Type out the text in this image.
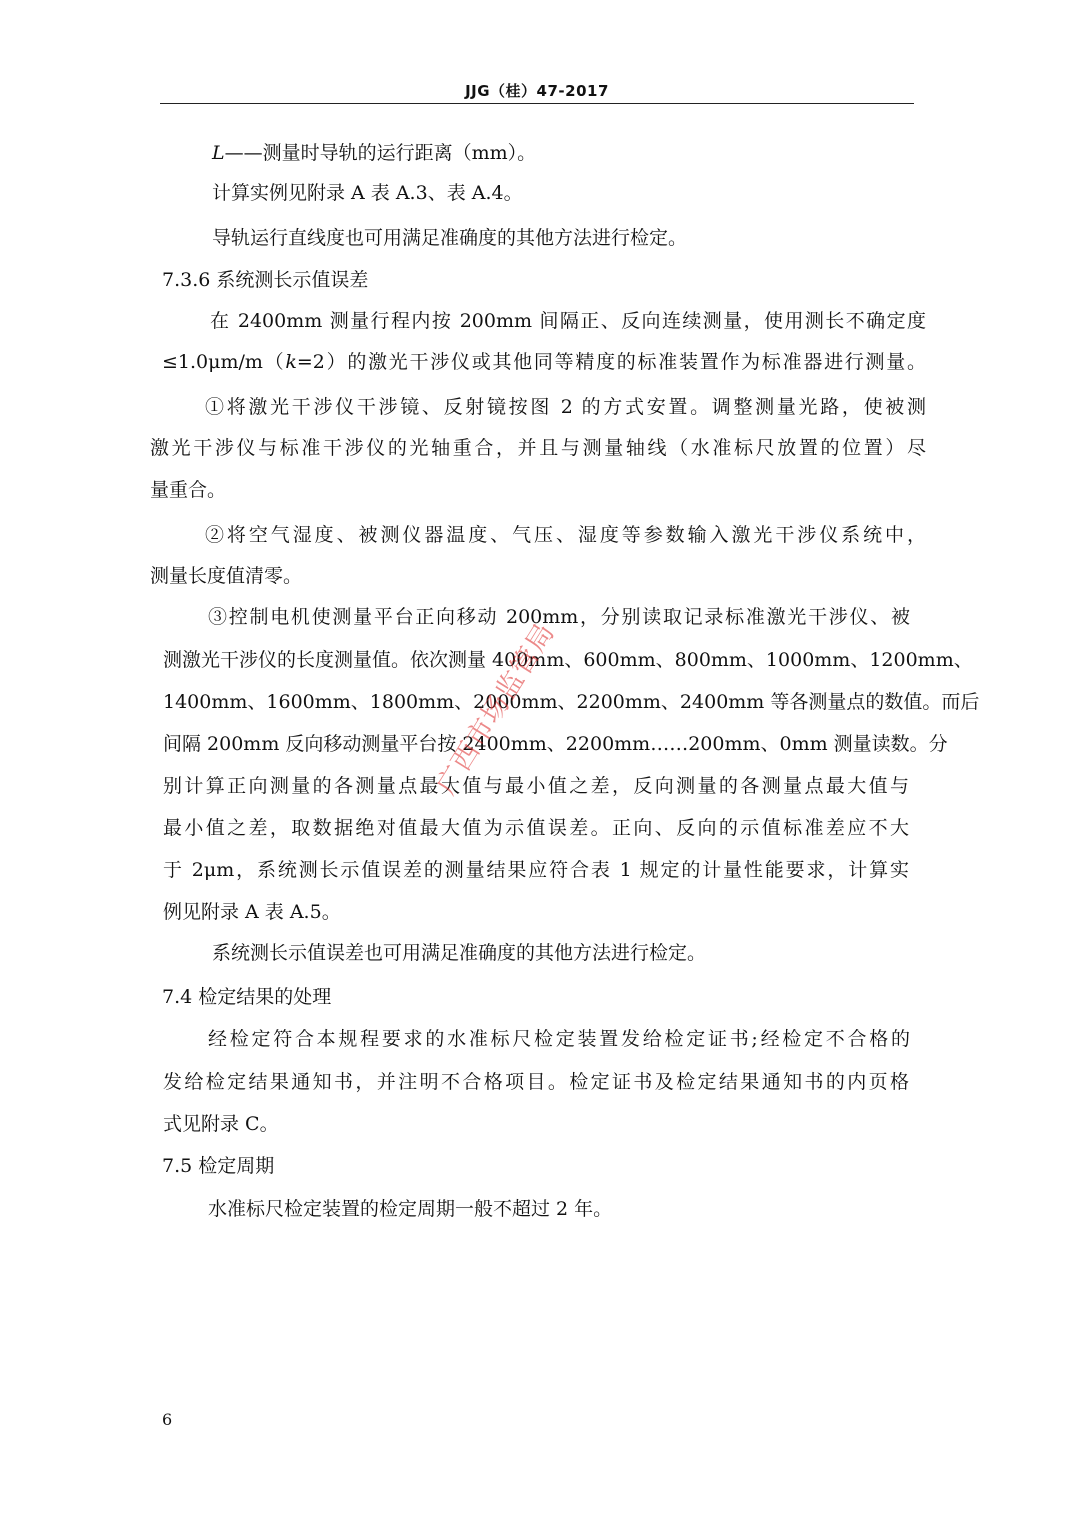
JJG（桂）47-2017
L——测量时导轨的运行距离（mm）。
计算实例见附录 A 表 A.3、表 A.4。
导轨运行直线度也可用满足准确度的其他方法进行检定。
7.3.6 系统测长示值误差
在 2400mm 测量行程内按 200mm 间隔正、反向连续测量，使用测长不确定度
≤1.0μm/m（k=2）的激光干涉仪或其他同等精度的标准装置作为标准器进行测量。
①将激光干涉仪干涉镜、反射镜按图 2 的方式安置。调整测量光路，使被测
激光干涉仪与标准干涉仪的光轴重合，并且与测量轴线（水准标尺放置的位置）尽
量重合。
②将空气湿度、被测仪器温度、气压、湿度等参数输入激光干涉仪系统中，
测量长度值清零。
③控制电机使测量平台正向移动 200mm，分别读取记录标准激光干涉仪、被
测激光干涉仪的长度测量值。依次测量 400mm、600mm、800mm、1000mm、1200mm、
1400mm、1600mm、1800mm、2000mm、2200mm、2400mm 等各测量点的数值。而后
间隔 200mm 反向移动测量平台按 2400mm、2200mm……200mm、0mm 测量读数。分
别计算正向测量的各测量点最大值与最小值之差，反向测量的各测量点最大值与
最小值之差，取数据绝对值最大值为示值误差。正向、反向的示值标准差应不大
于 2μm，系统测长示值误差的测量结果应符合表 1 规定的计量性能要求，计算实
例见附录 A 表 A.5。
系统测长示值误差也可用满足准确度的其他方法进行检定。
7.4 检定结果的处理
经检定符合本规程要求的水准标尺检定装置发给检定证书;经检定不合格的
发给检定结果通知书，并注明不合格项目。检定证书及检定结果通知书的内页格
式见附录 C。
7.5 检定周期
水准标尺检定装置的检定周期一般不超过 2 年。
广西市场监管局
6
